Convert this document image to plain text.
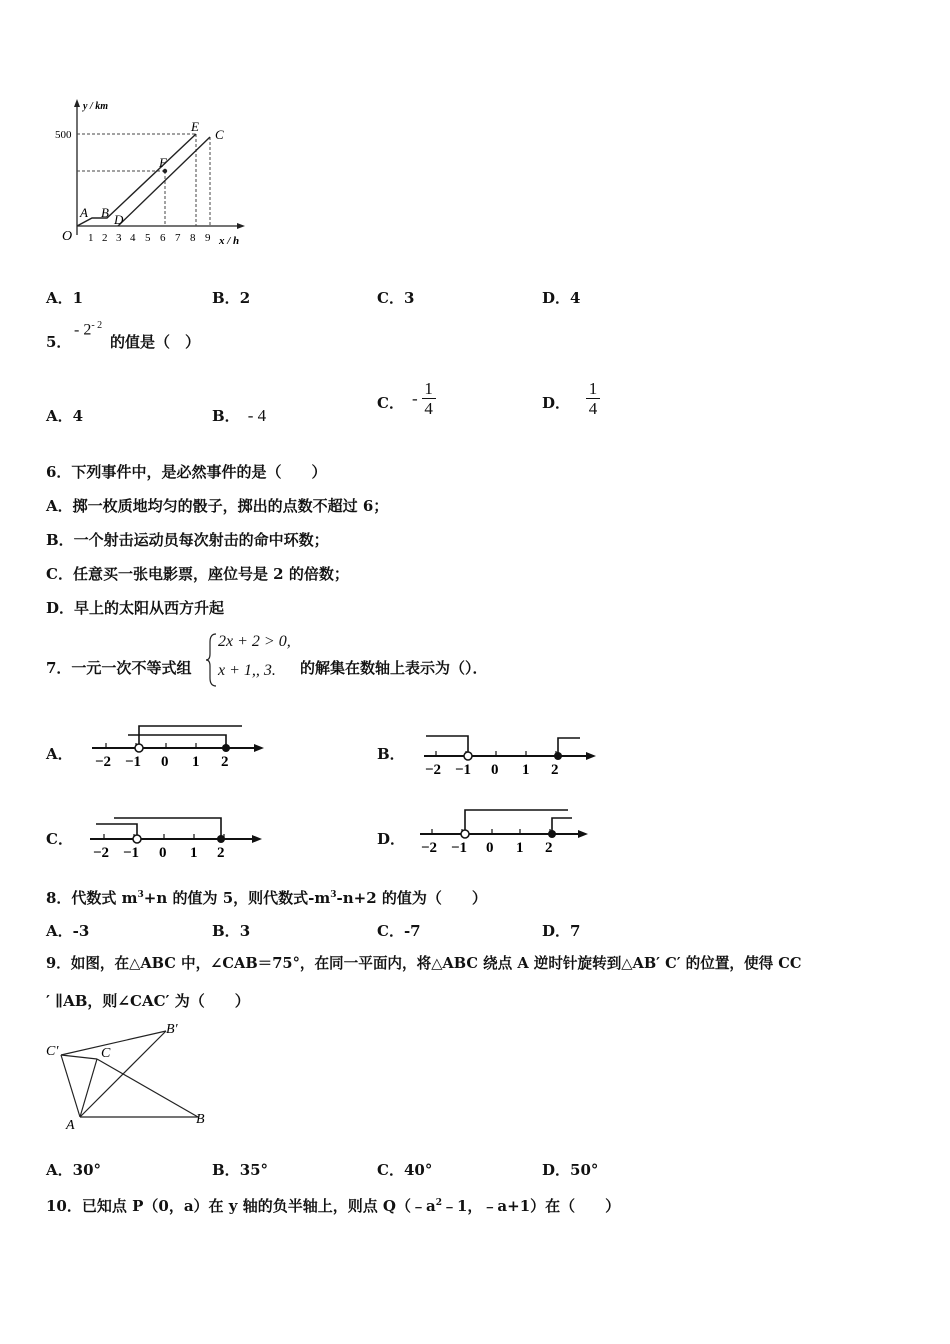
y / km
500
O	x / h
1 2 3 4 5 6 7 8 9
A B D
F
E
C
A．1	B．2	C．3	D．4
5．
- $2^{- 2}$
的值是（　）
A．4	B． - 4
C． - $\frac{1}{4}$	D． $\frac{1}{4}$
6．下列事件中，是必然事件的是（　　）
A．掷一枚质地均匀的骰子，掷出的点数不超过 6；
B．一个射击运动员每次射击的命中环数；
C．任意买一张电影票，座位号是 2 的倍数；
D．早上的太阳从西方升起
7．一元一次不等式组
2x + 2 > 0,
x + 1,, 3. 的解集在数轴上表示为（）．
A．	B．
C．	D．
−2 −1 0 1 2	−2 −1 0 1 2
−2 −1 0 1 2	−2 −1 0 1 2
8．代数式 $m^3+n$ 的值为 5，则代数式$-m^3-n+2$ 的值为（　　）
A．-3	B．3	C．-7	D．7
9．如图，在△ABC 中，∠CAB＝75°，在同一平面内，将△ABC 绕点 A 逆时针旋转到△AB′ C′ 的位置，使得 CC
′ ∥AB，则∠CAC′ 为（　　）
C′	C
B′
A	B
A．30°	B．35°	C．40°	D．50°
10．已知点 P（0，a）在 y 轴的负半轴上，则点 $Q(﹣a^2﹣1$，﹣a+1）在（　　）
